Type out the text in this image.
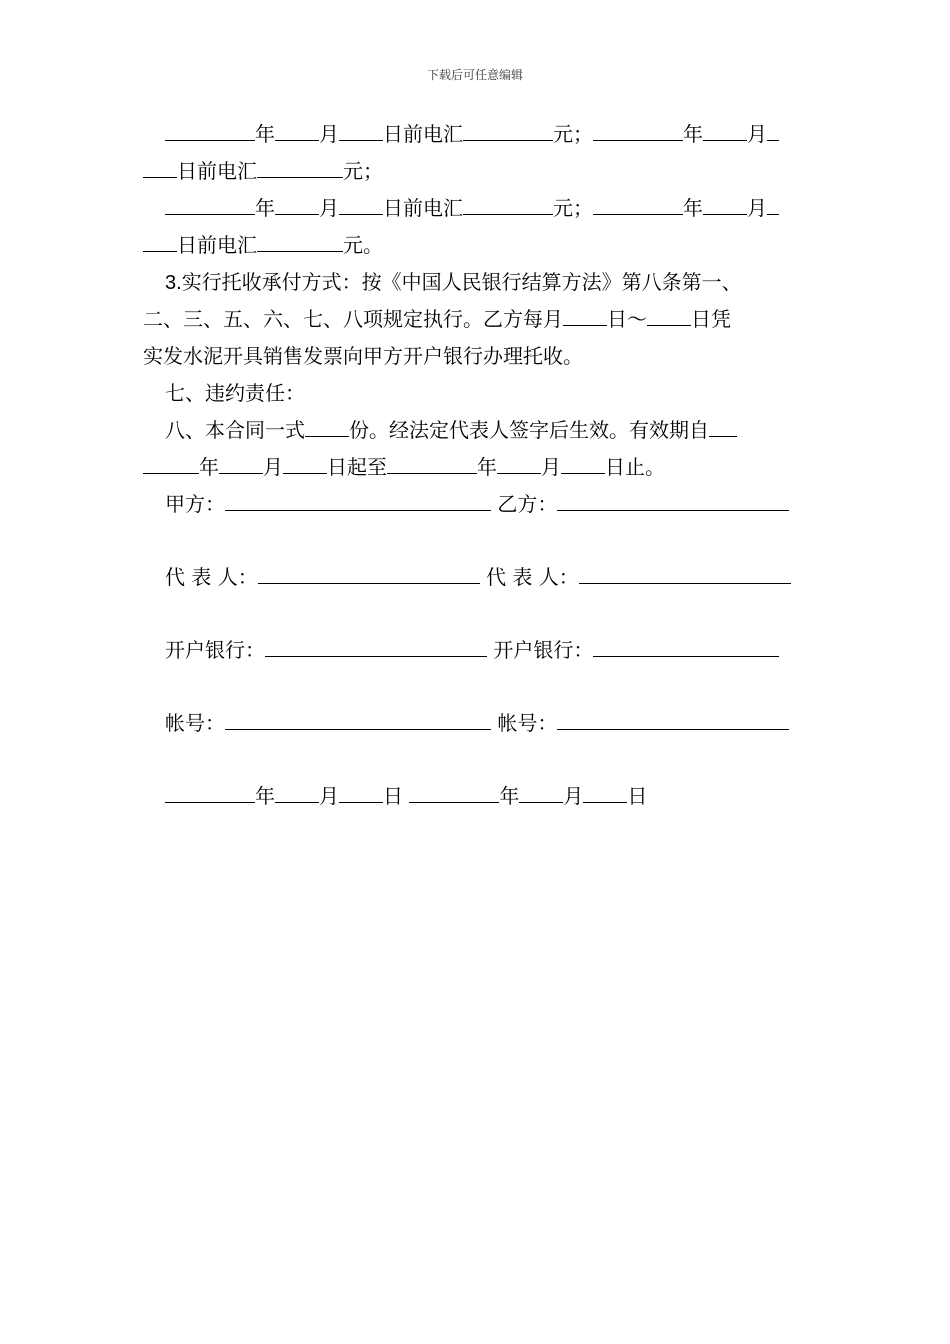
下载后可任意编辑
年 月 日前电汇	元；	年 月
日前电汇	元；
年 月 日前电汇	元；	年 月
日前电汇	元。
3.实行托收承付方式：按《中国人民银行结算方法》第八条第一、
二、三、五、六、七、八项规定执行。乙方每月 日～ 日凭
实发水泥开具销售发票向甲方开户银行办理托收。
七、违约责任：
八、本合同一式 份。经法定代表人签字后生效。有效期自
年 月 日起至	年 月 日止。
甲方：	乙方：
代 表 人：	代 表 人：
开户银行：	开户银行：
帐号：	帐号：
年 月 日	年 月 日
